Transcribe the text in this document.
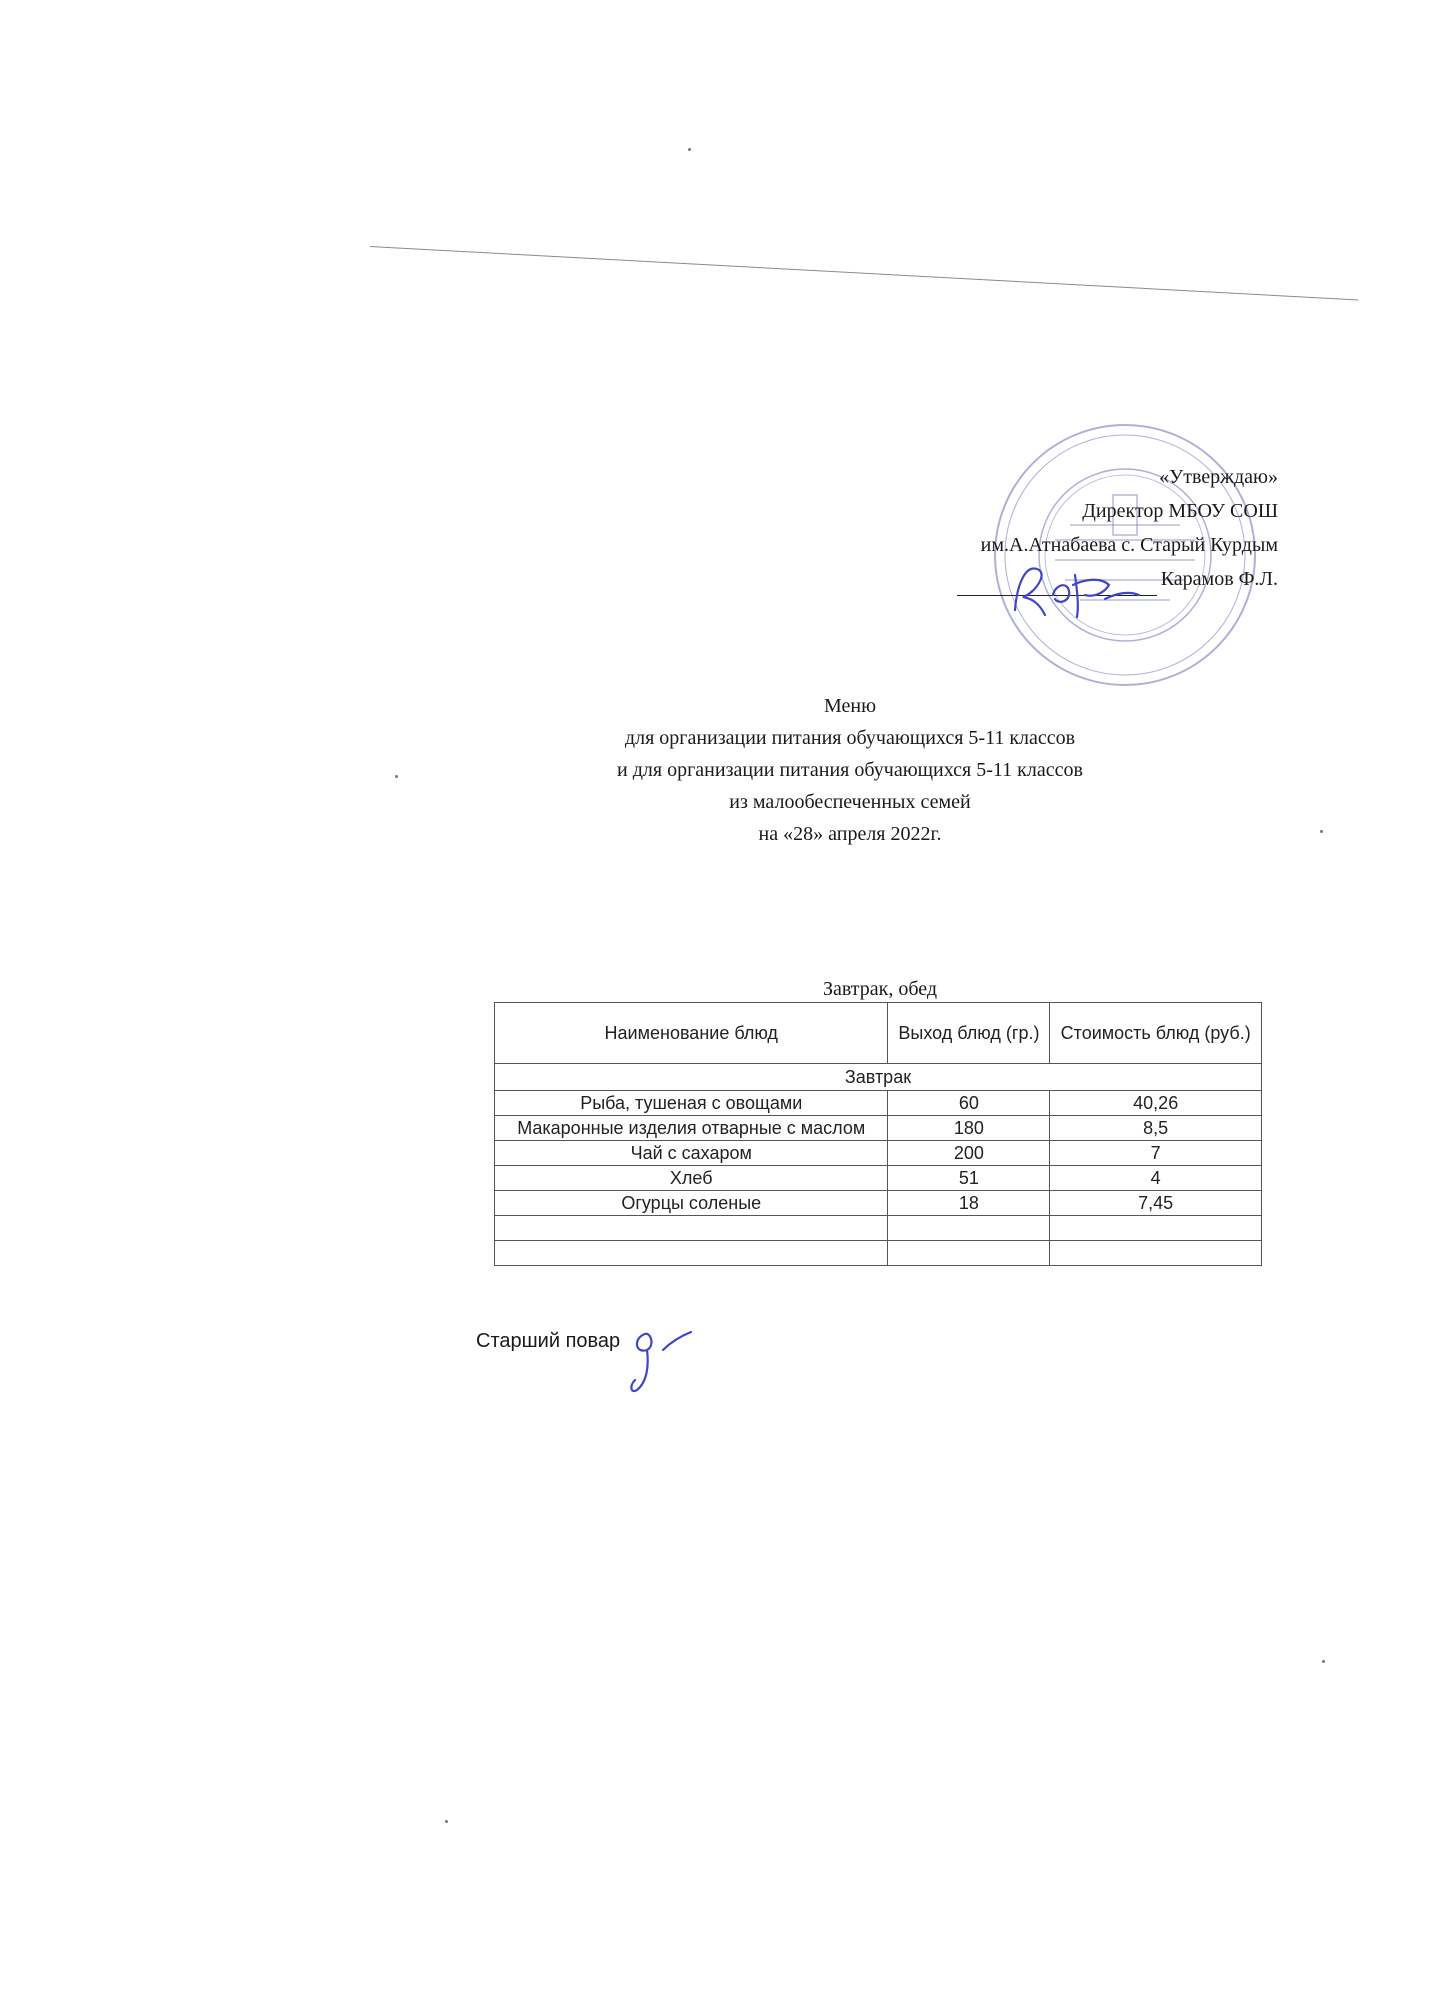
«Утверждаю»
Директор МБОУ СОШ
им.А.Атнабаева с. Старый Курдым
Карамов Ф.Л.
Меню
для организации питания обучающихся 5-11 классов
и для организации питания обучающихся 5-11 классов
из малообеспеченных семей
на «28» апреля 2022г.
Завтрак, обед
Наименование блюд	Выход блюд (гр.)	Стоимость блюд (руб.)
Завтрак		
Рыба, тушеная с овощами	60	40,26
Макаронные изделия отварные с маслом	180	8,5
Чай с сахаром	200	7
Хлеб	51	4
Огурцы соленые	18	7,45

Старший повар
